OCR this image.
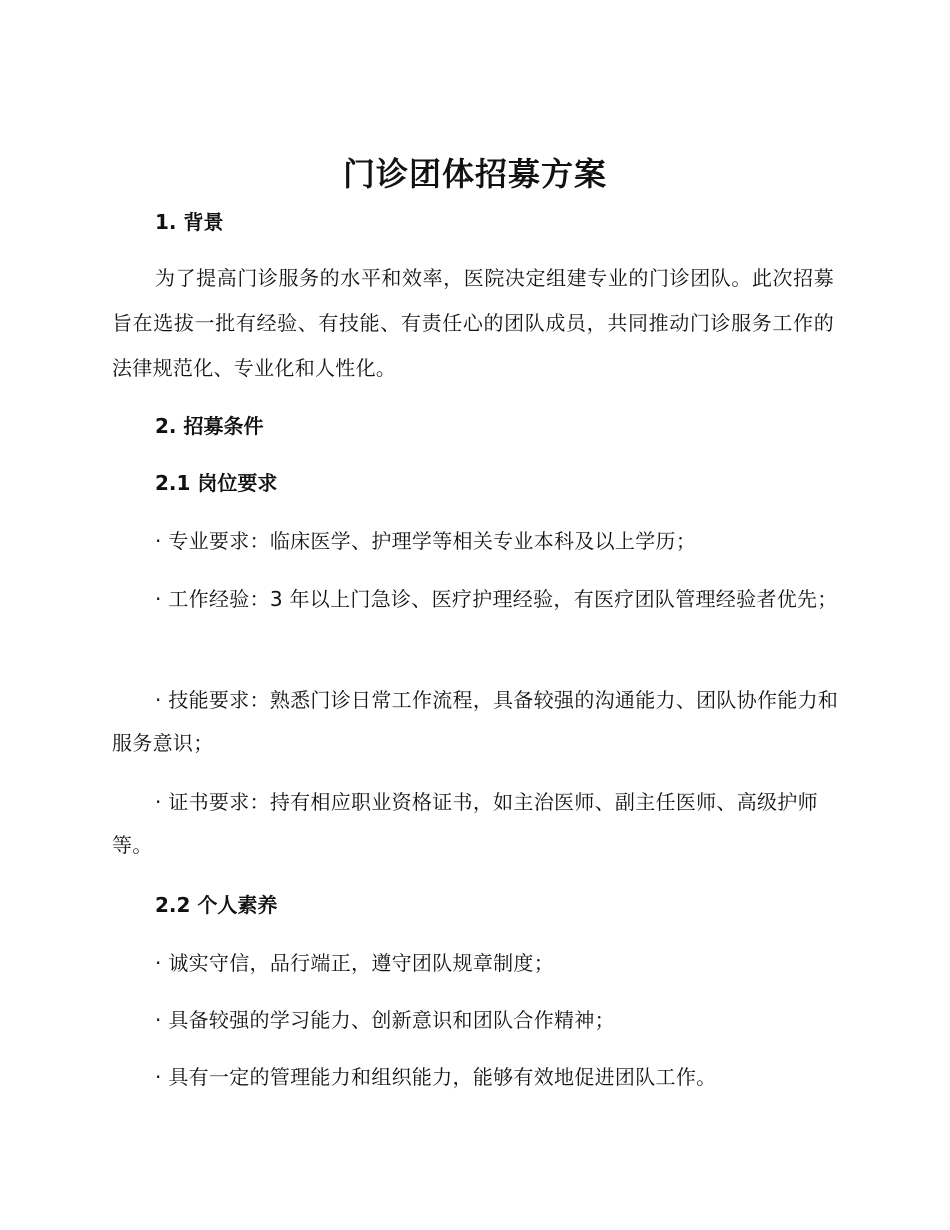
门诊团体招募方案
1. 背景

为了提高门诊服务的水平和效率，医院决定组建专业的门诊团队。此次招募旨在选拔一批有经验、有技能、有责任心的团队成员，共同推动门诊服务工作的法律规范化、专业化和人性化。

2. 招募条件
2.1 岗位要求

· 专业要求：临床医学、护理学等相关专业本科及以上学历；

· 工作经验：3 年以上门急诊、医疗护理经验，有医疗团队管理经验者优先；

· 技能要求：熟悉门诊日常工作流程，具备较强的沟通能力、团队协作能力和服务意识；

· 证书要求：持有相应职业资格证书，如主治医师、副主任医师、高级护师等。

2.2 个人素养

· 诚实守信，品行端正，遵守团队规章制度；

· 具备较强的学习能力、创新意识和团队合作精神；

· 具有一定的管理能力和组织能力，能够有效地促进团队工作。
